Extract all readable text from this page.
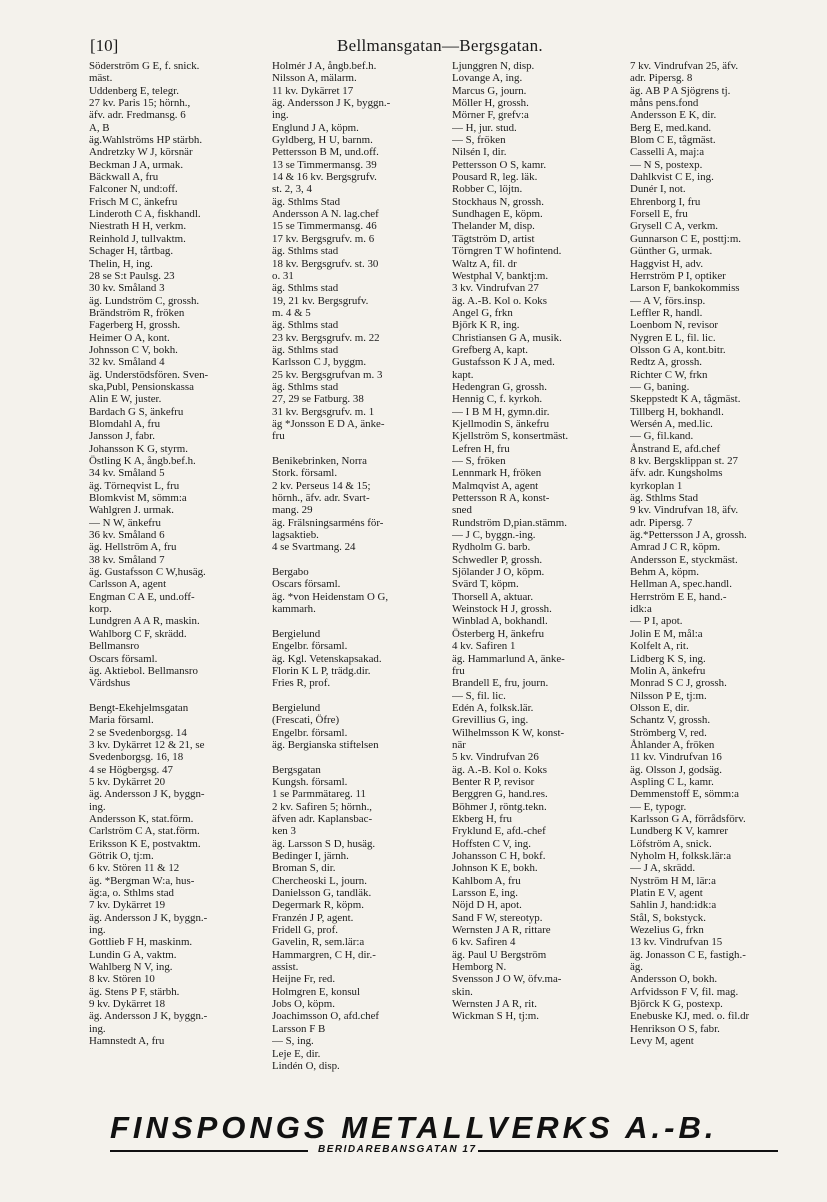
[10]	Bellmansgatan—Bergsgatan.
Söderström G E, f. snick.
mäst.
Uddenberg E, telegr.
27 kv. Paris 15; hörnh.,
äfv. adr. Fredmansg. 6
A, B
äg.Wahlströms HP stärbh.
Andretzky W J, körsnär
Beckman J A, urmak.
Bäckwall A, fru
Falconer N, und:off.
Frisch M C, änkefru
Linderoth C A, fiskhandl.
Niestrath H H, verkm.
Reinhold J, tullvaktm.
Schager H, tårtbag.
Thelin, H, ing.
28 se S:t Paulsg. 23
30 kv. Småland 3
äg. Lundström C, grossh.
Brändström R, fröken
Fagerberg H, grossh.
Heimer O A, kont.
Johnsson C V, bokh.
32 kv. Småland 4
äg. Understödsfören. Sven-
ska,Publ, Pensionskassa
Alin E W, juster.
Bardach G S, änkefru
Blomdahl A, fru
Jansson J, fabr.
Johansson K G, styrm.
Östling K A, ångb.bef.h.
34 kv. Småland 5
äg. Törneqvist L, fru
Blomkvist M, sömm:a
Wahlgren J. urmak.
— N W, änkefru
36 kv. Småland 6
äg. Hellström A, fru
38 kv. Småland 7
äg. Gustafsson C W,husäg.
Carlsson A, agent
Engman C A E, und.off-
korp.
Lundgren A A R, maskin.
Wahlborg C F, skrädd.
Bellmansro
Oscars församl.
äg. Aktiebol. Bellmansro
Värdshus
Bengt-Ekehjelmsgatan
Maria församl.
2 se Svedenborgsg. 14
3 kv. Dykärret 12 & 21, se
Svedenborgsg. 16, 18
4 se Högbergsg. 47
5 kv. Dykärret 20
äg. Andersson J K, byggn-
ing.
Andersson K, stat.förm.
Carlström C A, stat.förm.
Eriksson K E, postvaktm.
Götrik O, tj:m.
6 kv. Stören 11 & 12
äg. *Bergman W:a, hus-
äg:a, o. Sthlms stad
7 kv. Dykärret 19
äg. Andersson J K, byggn.-
ing.
Gottlieb F H, maskinm.
Lundin G A, vaktm.
Wahlberg N V, ing.
8 kv. Stören 10
äg. Stens P F, stärbh.
9 kv. Dykärret 18
äg. Andersson J K, byggn.-
ing.
Hamnstedt A, fru
Holmér J A, ångb.bef.h.
Nilsson A, mälarm.
11 kv. Dykärret 17
äg. Andersson J K, byggn.-
ing.
Englund J A, köpm.
Gyldberg, H U, barnm.
Pettersson B M, und.off.
13 se Timmermansg. 39
14 & 16 kv. Bergsgrufv.
st. 2, 3, 4
äg. Sthlms Stad
Andersson A N. lag.chef
15 se Timmermansg. 46
17 kv. Bergsgrufv. m. 6
äg. Sthlms stad
18 kv. Bergsgrufv. st. 30
o. 31
äg. Sthlms stad
19, 21 kv. Bergsgrufv.
m. 4 & 5
äg. Sthlms stad
23 kv. Bergsgrufv. m. 22
äg. Sthlms stad
Karlsson C J, byggm.
25 kv. Bergsgrufvan m. 3
äg. Sthlms stad
27, 29 se Fatburg. 38
31 kv. Bergsgrufv. m. 1
äg *Jonsson E D A, änke-
fru
Benikebrinken, Norra
Stork. församl.
2 kv. Perseus 14 & 15;
hörnh., äfv. adr. Svart-
mang. 29
äg. Frälsningsarméns för-
lagsaktieb.
4 se Svartmang. 24
Bergabo
Oscars församl.
äg. *von Heidenstam O G,
kammarh.
Bergielund
Engelbr. församl.
äg. Kgl. Vetenskapsakad.
Florin K L P, trädg.dir.
Fries R, prof.
Bergielund
(Frescati, Öfre)
Engelbr. församl.
äg. Bergianska stiftelsen
Bergsgatan
Kungsh. församl.
1 se Parmmätareg. 11
2 kv. Safiren 5; hörnh.,
äfven adr. Kaplansbac-
ken 3
äg. Larsson S D, husäg.
Bedinger I, järnh.
Broman S, dir.
Chercheoski L, journ.
Danielsson G, tandläk.
Degermark R, köpm.
Franzén J P, agent.
Fridell G, prof.
Gavelin, R, sem.lär:a
Hammargren, C H, dir.-
assist.
Heijne Fr, red.
Holmgren E, konsul
Jobs O, köpm.
Joachimsson O, afd.chef
Larsson F B
— S, ing.
Leje E, dir.
Lindén O, disp.
Ljunggren N, disp.
Lovange A, ing.
Marcus G, journ.
Möller H, grossh.
Mörner F, grefv:a
— H, jur. stud.
— S, fröken
Nilsén I, dir.
Pettersson O S, kamr.
Pousard R, leg. läk.
Robber C, löjtn.
Stockhaus N, grossh.
Sundhagen E, köpm.
Thelander M, disp.
Tägtström D, artist
Törngren T W hofintend.
Waltz A, fil. dr
Westphal V, banktj:m.
3 kv. Vindrufvan 27
äg. A.-B. Kol o. Koks
Angel G, frkn
Björk K R, ing.
Christiansen G A, musik.
Grefberg A, kapt.
Gustafsson K J A, med.
kapt.
Hedengran G, grossh.
Hennig C, f. kyrkoh.
— I B M H, gymn.dir.
Kjellmodin S, änkefru
Kjellström S, konsertmäst.
Lefren H, fru
— S, fröken
Lennmark H, fröken
Malmqvist A, agent
Pettersson R A, konst-
sned
Rundström D,pian.stämm.
— J C, byggn.-ing.
Rydholm G. barb.
Schwedler P, grossh.
Sjölander J O, köpm.
Svärd T, köpm.
Thorsell A, aktuar.
Weinstock H J, grossh.
Winblad A, bokhandl.
Österberg H, änkefru
4 kv. Safiren 1
äg. Hammarlund A, änke-
fru
Brandell E, fru, journ.
— S, fil. lic.
Edén A, folksk.lär.
Grevillius G, ing.
Wilhelmsson K W, konst-
när
5 kv. Vindrufvan 26
äg. A.-B. Kol o. Koks
Benter R P, revisor
Berggren G, hand.res.
Böhmer J, röntg.tekn.
Ekberg H, fru
Fryklund E, afd.-chef
Hoffsten C V, ing.
Johansson C H, bokf.
Johnson K E, bokh.
Kahlbom A, fru
Larsson E, ing.
Nöjd D H, apot.
Sand F W, stereotyp.
Wernsten J A R, rittare
6 kv. Safiren 4
äg. Paul U Bergström
Hemborg N.
Svensson J O W, öfv.ma-
skin.
Wernsten J A R, rit.
Wickman S H, tj:m.
7 kv. Vindrufvan 25, äfv.
adr. Pipersg. 8
äg. AB P A Sjögrens tj.
måns pens.fond
Andersson E K, dir.
Berg E, med.kand.
Blom C E, tågmäst.
Casselli A, maj:a
— N S, postexp.
Dahlkvist C E, ing.
Dunér I, not.
Ehrenborg I, fru
Forsell E, fru
Grysell C A, verkm.
Gunnarson C E, posttj:m.
Günther G, urmak.
Haggvist H, adv.
Herrström P I, optiker
Larson F, bankokommiss
— A V, förs.insp.
Leffler R, handl.
Loenbom N, revisor
Nygren E L, fil. lic.
Olsson G A, kont.bitr.
Redtz A, grossh.
Richter C W, frkn
— G, baning.
Skeppstedt K A, tågmäst.
Tillberg H, bokhandl.
Wersén A, med.lic.
— G, fil.kand.
Ånstrand E, afd.chef
8 kv. Bergsklippan st. 27
äfv. adr. Kungsholms
kyrkoplan 1
äg. Sthlms Stad
9 kv. Vindrufvan 18, äfv.
adr. Pipersg. 7
äg.*Pettersson J A, grossh.
Amrad J C R, köpm.
Andersson E, styckmäst.
Behm A, köpm.
Hellman A, spec.handl.
Herrström E E, hand.-
idk:a
— P I, apot.
Jolin E M, mål:a
Kolfelt A, rit.
Lidberg K S, ing.
Molin A, änkefru
Monrad S C J, grossh.
Nilsson P E, tj:m.
Olsson E, dir.
Schantz V, grossh.
Strömberg V, red.
Åhlander A, fröken
11 kv. Vindrufvan 16
äg. Olsson J, godsäg.
Aspling C L, kamr.
Demmenstoff E, sömm:a
— E, typogr.
Karlsson G A, förrådsförv.
Lundberg K V, kamrer
Löfström A, snick.
Nyholm H, folksk.lär:a
— J A, skrädd.
Nyström H M, lär:a
Platin E V, agent
Sahlin J, hand:idk:a
Stål, S, bokstyck.
Wezelius G, frkn
13 kv. Vindrufvan 15
äg. Jonasson C E, fastigh.-
äg.
Andersson O, bokh.
Arfvidsson F V, fil. mag.
Björck K G, postexp.
Enebuske KJ, med. o. fil.dr
Henrikson O S, fabr.
Levy M, agent
FINSPONGS METALLVERKS A.-B.
BERIDAREBANSGATAN 17
